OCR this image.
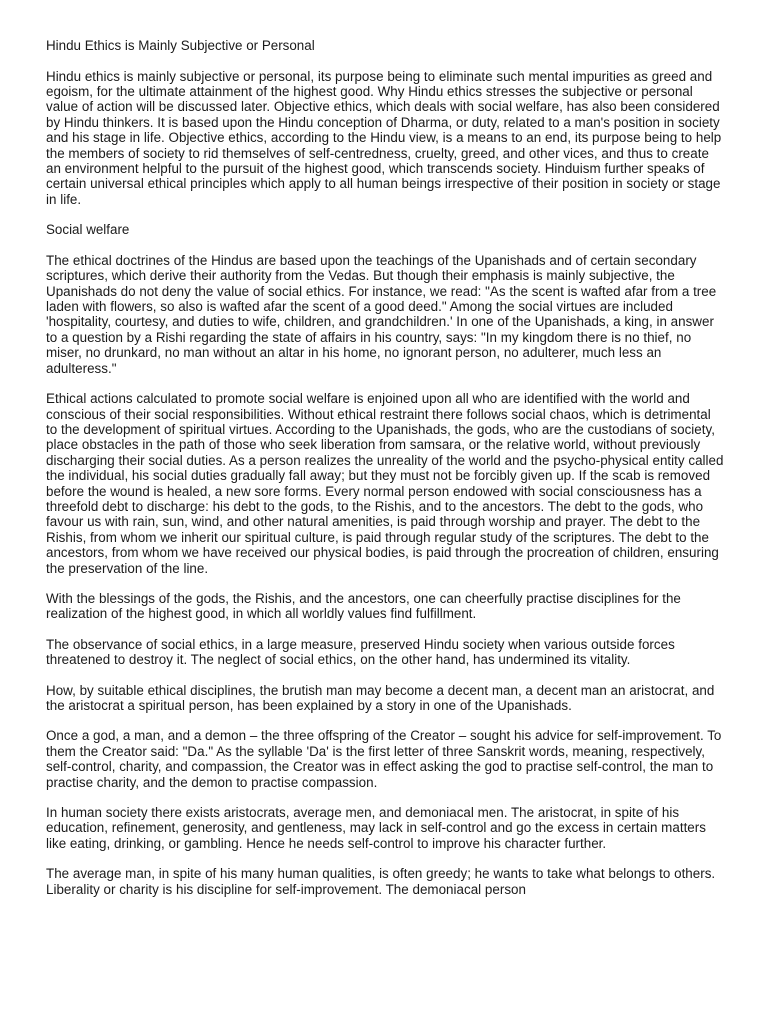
Hindu Ethics is Mainly Subjective or Personal
Hindu ethics is mainly subjective or personal, its purpose being to eliminate such mental impurities as greed and egoism, for the ultimate attainment of the highest good. Why Hindu ethics stresses the subjective or personal value of action will be discussed later. Objective ethics, which deals with social welfare, has also been considered by Hindu thinkers. It is based upon the Hindu conception of Dharma, or duty, related to a man's position in society and his stage in life. Objective ethics, according to the Hindu view, is a means to an end, its purpose being to help the members of society to rid themselves of self-centredness, cruelty, greed, and other vices, and thus to create an environment helpful to the pursuit of the highest good, which transcends society. Hinduism further speaks of certain universal ethical principles which apply to all human beings irrespective of their position in society or stage in life.
Social welfare
The ethical doctrines of the Hindus are based upon the teachings of the Upanishads and of certain secondary scriptures, which derive their authority from the Vedas. But though their emphasis is mainly subjective, the Upanishads do not deny the value of social ethics. For instance, we read: "As the scent is wafted afar from a tree laden with flowers, so also is wafted afar the scent of a good deed." Among the social virtues are included 'hospitality, courtesy, and duties to wife, children, and grandchildren.' In one of the Upanishads, a king, in answer to a question by a Rishi regarding the state of affairs in his country, says: "In my kingdom there is no thief, no miser, no drunkard, no man without an altar in his home, no ignorant person, no adulterer, much less an adulteress."
Ethical actions calculated to promote social welfare is enjoined upon all who are identified with the world and conscious of their social responsibilities. Without ethical restraint there follows social chaos, which is detrimental to the development of spiritual virtues. According to the Upanishads, the gods, who are the custodians of society, place obstacles in the path of those who seek liberation from samsara, or the relative world, without previously discharging their social duties. As a person realizes the unreality of the world and the psycho-physical entity called the individual, his social duties gradually fall away; but they must not be forcibly given up. If the scab is removed before the wound is healed, a new sore forms. Every normal person endowed with social consciousness has a threefold debt to discharge: his debt to the gods, to the Rishis, and to the ancestors. The debt to the gods, who favour us with rain, sun, wind, and other natural amenities, is paid through worship and prayer. The debt to the Rishis, from whom we inherit our spiritual culture, is paid through regular study of the scriptures. The debt to the ancestors, from whom we have received our physical bodies, is paid through the procreation of children, ensuring the preservation of the line.
With the blessings of the gods, the Rishis, and the ancestors, one can cheerfully practise disciplines for the realization of the highest good, in which all worldly values find fulfillment.
The observance of social ethics, in a large measure, preserved Hindu society when various outside forces threatened to destroy it. The neglect of social ethics, on the other hand, has undermined its vitality.
How, by suitable ethical disciplines, the brutish man may become a decent man, a decent man an aristocrat, and the aristocrat a spiritual person, has been explained by a story in one of the Upanishads.
Once a god, a man, and a demon – the three offspring of the Creator – sought his advice for self-improvement. To them the Creator said: "Da." As the syllable 'Da' is the first letter of three Sanskrit words, meaning, respectively, self-control, charity, and compassion, the Creator was in effect asking the god to practise self-control, the man to practise charity, and the demon to practise compassion.
In human society there exists aristocrats, average men, and demoniacal men. The aristocrat, in spite of his education, refinement, generosity, and gentleness, may lack in self-control and go the excess in certain matters like eating, drinking, or gambling. Hence he needs self-control to improve his character further.
The average man, in spite of his many human qualities, is often greedy; he wants to take what belongs to others. Liberality or charity is his discipline for self-improvement. The demoniacal person
